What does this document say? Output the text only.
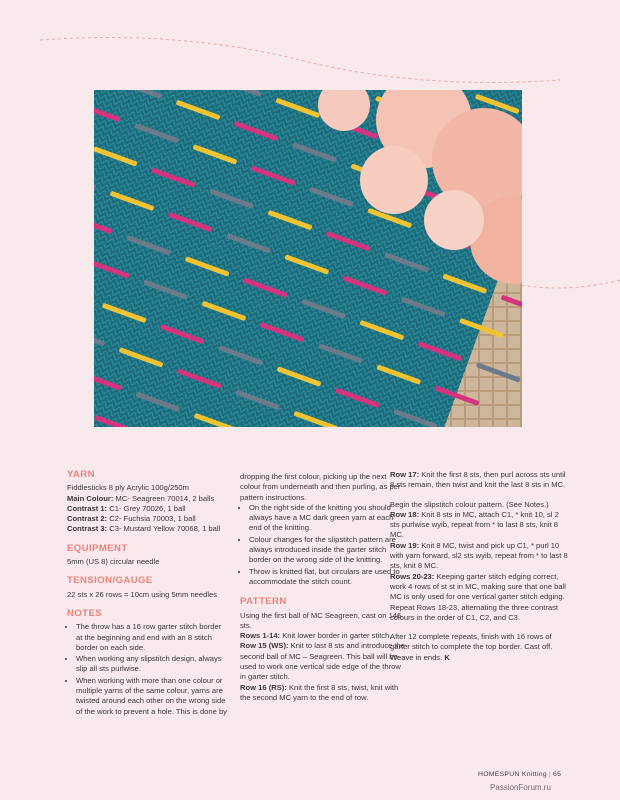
YARN

Fiddlesticks 8 ply Acrylic 100g/250m

Main Colour: MC- Seagreen 70014, 2 balls

Contrast 1: C1- Grey 70026, 1 ball

Contrast 2: C2- Fuchsia 70003, 1 ball

Contrast 3: C3- Mustard Yellow 70068, 1 ball

EQUIPMENT

5mm (US 8) circular needle

TENSION/GAUGE

22 sts x 26 rows = 10cm using 5mm needles

NOTES
• The throw has a 16 row garter stitch border at the beginning and end with an 8 stitch border on each side.
• When working any slipstitch design, always slip all sts purlwise.
• When working with more than one colour or multiple yarns of the same colour, yarns are twisted around each other on the wrong side of the work to prevent a hole. This is done by

dropping the first colour, picking up the next colour from underneath and then purling, as per pattern instructions.

• On the right side of the knitting you should always have a MC dark green yarn at each end of the knitting.
• Colour changes for the slipstitch pattern are always introduced inside the garter stitch border on the wrong side of the knitting.
• Throw is knitted flat, but circulars are used to accommodate the stitch count.
PATTERN

Using the first ball of MC Seagreen, cast on 146 sts.

Rows 1-14: Knit lower border in garter stitch.

Row 15 (WS): Knit to last 8 sts and introduce the second ball of MC – Seagreen. This ball will be used to work one vertical side edge of the throw in garter stitch.

Row 16 (RS): Knit the first 8 sts, twist, knit with the second MC yarn to the end of row.

Row 17: Knit the first 8 sts, then purl across sts until 8 sts remain, then twist and knit the last 8 sts in MC.

Begin the slipstitch colour pattern. (See Notes.)

Row 18: Knit 8 sts in MC, attach C1, * knit 10, sl 2 sts purlwise wyib, repeat from * to last 8 sts, knit 8 MC.

Row 19: Knit 8 MC, twist and pick up C1, * purl 10 with yarn forward, sl2 sts wyib, repeat from * to last 8 sts, knit 8 MC.

Rows 20-23: Keeping garter stitch edging correct, work 4 rows of st st in MC, making sure that one ball MC is only used for one vertical garter stitch edging. Repeat Rows 18-23, alternating the three contrast colours in the order of C1, C2, and C3.

After 12 complete repeats, finish with 16 rows of garter stitch to complete the top border. Cast off.

Weave in ends. K

HOMESPUN Knitting | 65
PassionForum.ru
